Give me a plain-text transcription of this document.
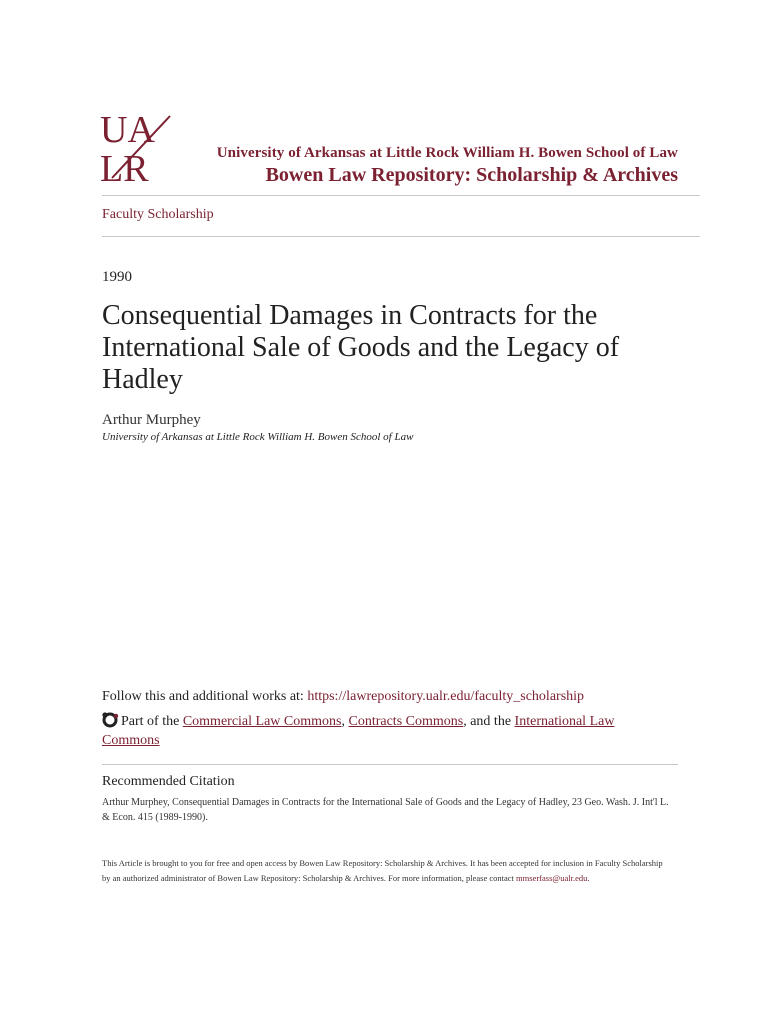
UA
LR	University of Arkansas at Little Rock William H. Bowen School of Law
Bowen Law Repository: Scholarship & Archives
Faculty Scholarship
1990
Consequential Damages in Contracts for the International Sale of Goods and the Legacy of Hadley
Arthur Murphey
University of Arkansas at Little Rock William H. Bowen School of Law
Follow this and additional works at: https://lawrepository.ualr.edu/faculty_scholarship
Part of the Commercial Law Commons, Contracts Commons, and the International Law Commons
Recommended Citation
Arthur Murphey, Consequential Damages in Contracts for the International Sale of Goods and the Legacy of Hadley, 23 Geo. Wash. J. Int'l L. & Econ. 415 (1989-1990).
This Article is brought to you for free and open access by Bowen Law Repository: Scholarship & Archives. It has been accepted for inclusion in Faculty Scholarship by an authorized administrator of Bowen Law Repository: Scholarship & Archives. For more information, please contact mmserfass@ualr.edu.
